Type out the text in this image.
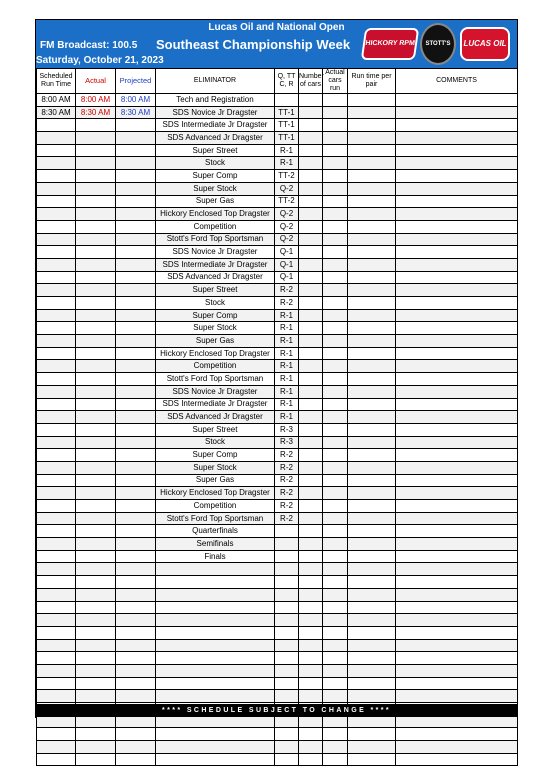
Lucas Oil and National Open
FM Broadcast: 100.5 Southeast Championship Week
Saturday, October 21, 2023
HICKORY RPM	STOTT'S	LUCAS OIL
Scheduled Run Time	Actual	Projected	ELIMINATOR	Q, TT C, R	Number of cars	Actual cars run	Run time per pair	COMMENTS
8:00 AM	8:00 AM	8:00 AM	Tech and Registration					
8:30 AM	8:30 AM	8:30 AM	SDS Novice Jr Dragster	TT-1				
			SDS Intermediate Jr Dragster	TT-1				
			SDS Advanced Jr Dragster	TT-1				
			Super Street	R-1				
			Stock	R-1				
			Super Comp	TT-2				
			Super Stock	Q-2				
			Super Gas	TT-2				
			Hickory Enclosed Top Dragster	Q-2				
			Competition	Q-2				
			Stott's Ford Top Sportsman	Q-2				
			SDS Novice Jr Dragster	Q-1				
			SDS Intermediate Jr Dragster	Q-1				
			SDS Advanced Jr Dragster	Q-1				
			Super Street	R-2				
			Stock	R-2				
			Super Comp	R-1				
			Super Stock	R-1				
			Super Gas	R-1				
			Hickory Enclosed Top Dragster	R-1				
			Competition	R-1				
			Stott's Ford Top Sportsman	R-1				
			SDS Novice Jr Dragster	R-1				
			SDS Intermediate Jr Dragster	R-1				
			SDS Advanced Jr Dragster	R-1				
			Super Street	R-3				
			Stock	R-3				
			Super Comp	R-2				
			Super Stock	R-2				
			Super Gas	R-2				
			Hickory Enclosed Top Dragster	R-2				
			Competition	R-2				
			Stott's Ford Top Sportsman	R-2				
			Quarterfinals					
			Semifinals					
			Finals					

**** SCHEDULE SUBJECT TO CHANGE ****
